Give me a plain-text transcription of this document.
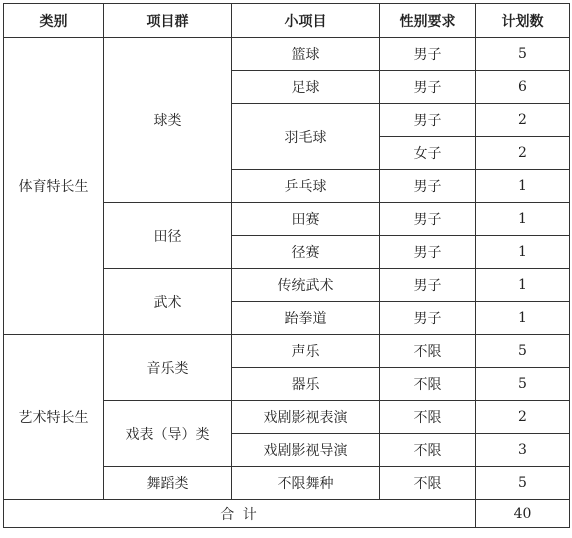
类别	项目群	小项目	性别要求	计划数
体育特长生	球类	篮球	男子	5
		足球	男子	6
		羽毛球	男子	2
			女子	2
		乒乓球	男子	1
	田径	田赛	男子	1
		径赛	男子	1
	武术	传统武术	男子	1
		跆拳道	男子	1
艺术特长生	音乐类	声乐	不限	5
		器乐	不限	5
	戏表（导）类	戏剧影视表演	不限	2
		戏剧影视导演	不限	3
	舞蹈类	不限舞种	不限	5
合 计				40
